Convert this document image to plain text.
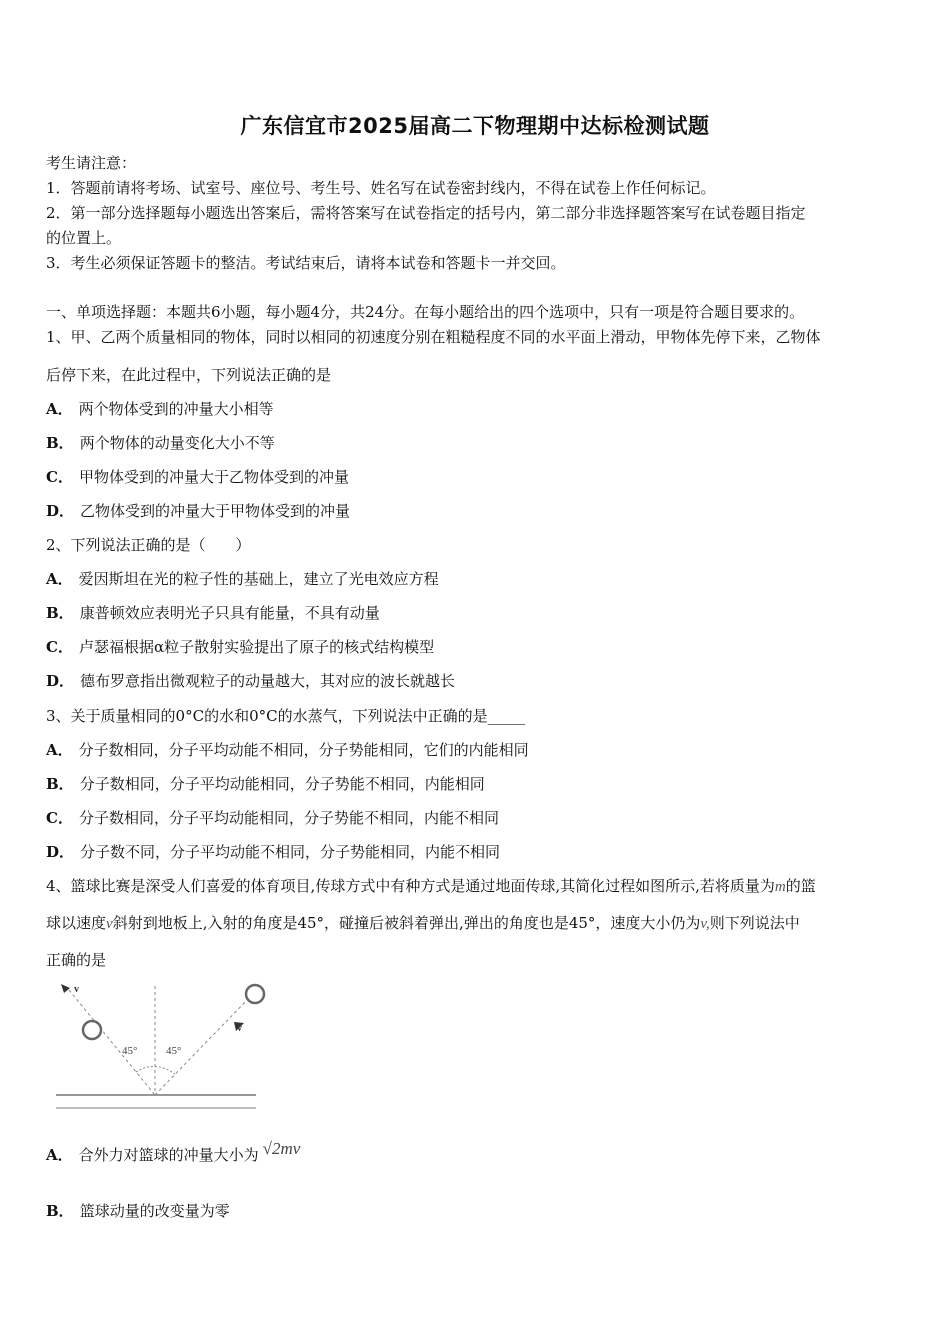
广东信宜市2025届高二下物理期中达标检测试题
考生请注意：
1．答题前请将考场、试室号、座位号、考生号、姓名写在试卷密封线内，不得在试卷上作任何标记。
2．第一部分选择题每小题选出答案后，需将答案写在试卷指定的括号内，第二部分非选择题答案写在试卷题目指定
的位置上。
3．考生必须保证答题卡的整洁。考试结束后，请将本试卷和答题卡一并交回。
一、单项选择题：本题共6小题，每小题4分，共24分。在每小题给出的四个选项中，只有一项是符合题目要求的。
1、甲、乙两个质量相同的物体，同时以相同的初速度分别在粗糙程度不同的水平面上滑动，甲物体先停下来，乙物体
后停下来，在此过程中，下列说法正确的是
A． 两个物体受到的冲量大小相等
B． 两个物体的动量变化大小不等
C． 甲物体受到的冲量大于乙物体受到的冲量
D． 乙物体受到的冲量大于甲物体受到的冲量
2、下列说法正确的是（　　）
A． 爱因斯坦在光的粒子性的基础上，建立了光电效应方程
B． 康普顿效应表明光子只具有能量，不具有动量
C． 卢瑟福根据α粒子散射实验提出了原子的核式结构模型
D． 德布罗意指出微观粒子的动量越大，其对应的波长就越长
3、关于质量相同的0°C的水和0°C的水蒸气，下列说法中正确的是_____
A． 分子数相同，分子平均动能不相同，分子势能相同，它们的内能相同
B． 分子数相同，分子平均动能相同，分子势能不相同，内能相同
C． 分子数相同，分子平均动能相同，分子势能不相同，内能不相同
D． 分子数不同，分子平均动能不相同，分子势能相同，内能不相同
4、篮球比赛是深受人们喜爱的体育项目,传球方式中有种方式是通过地面传球,其简化过程如图所示,若将质量为m的篮
球以速度v斜射到地板上,入射的角度是45°，碰撞后被斜着弹出,弹出的角度也是45°，速度大小仍为v,则下列说法中
正确的是
v
v
45°	45°
A． 合外力对篮球的冲量大小为 √2mv
B． 篮球动量的改变量为零
